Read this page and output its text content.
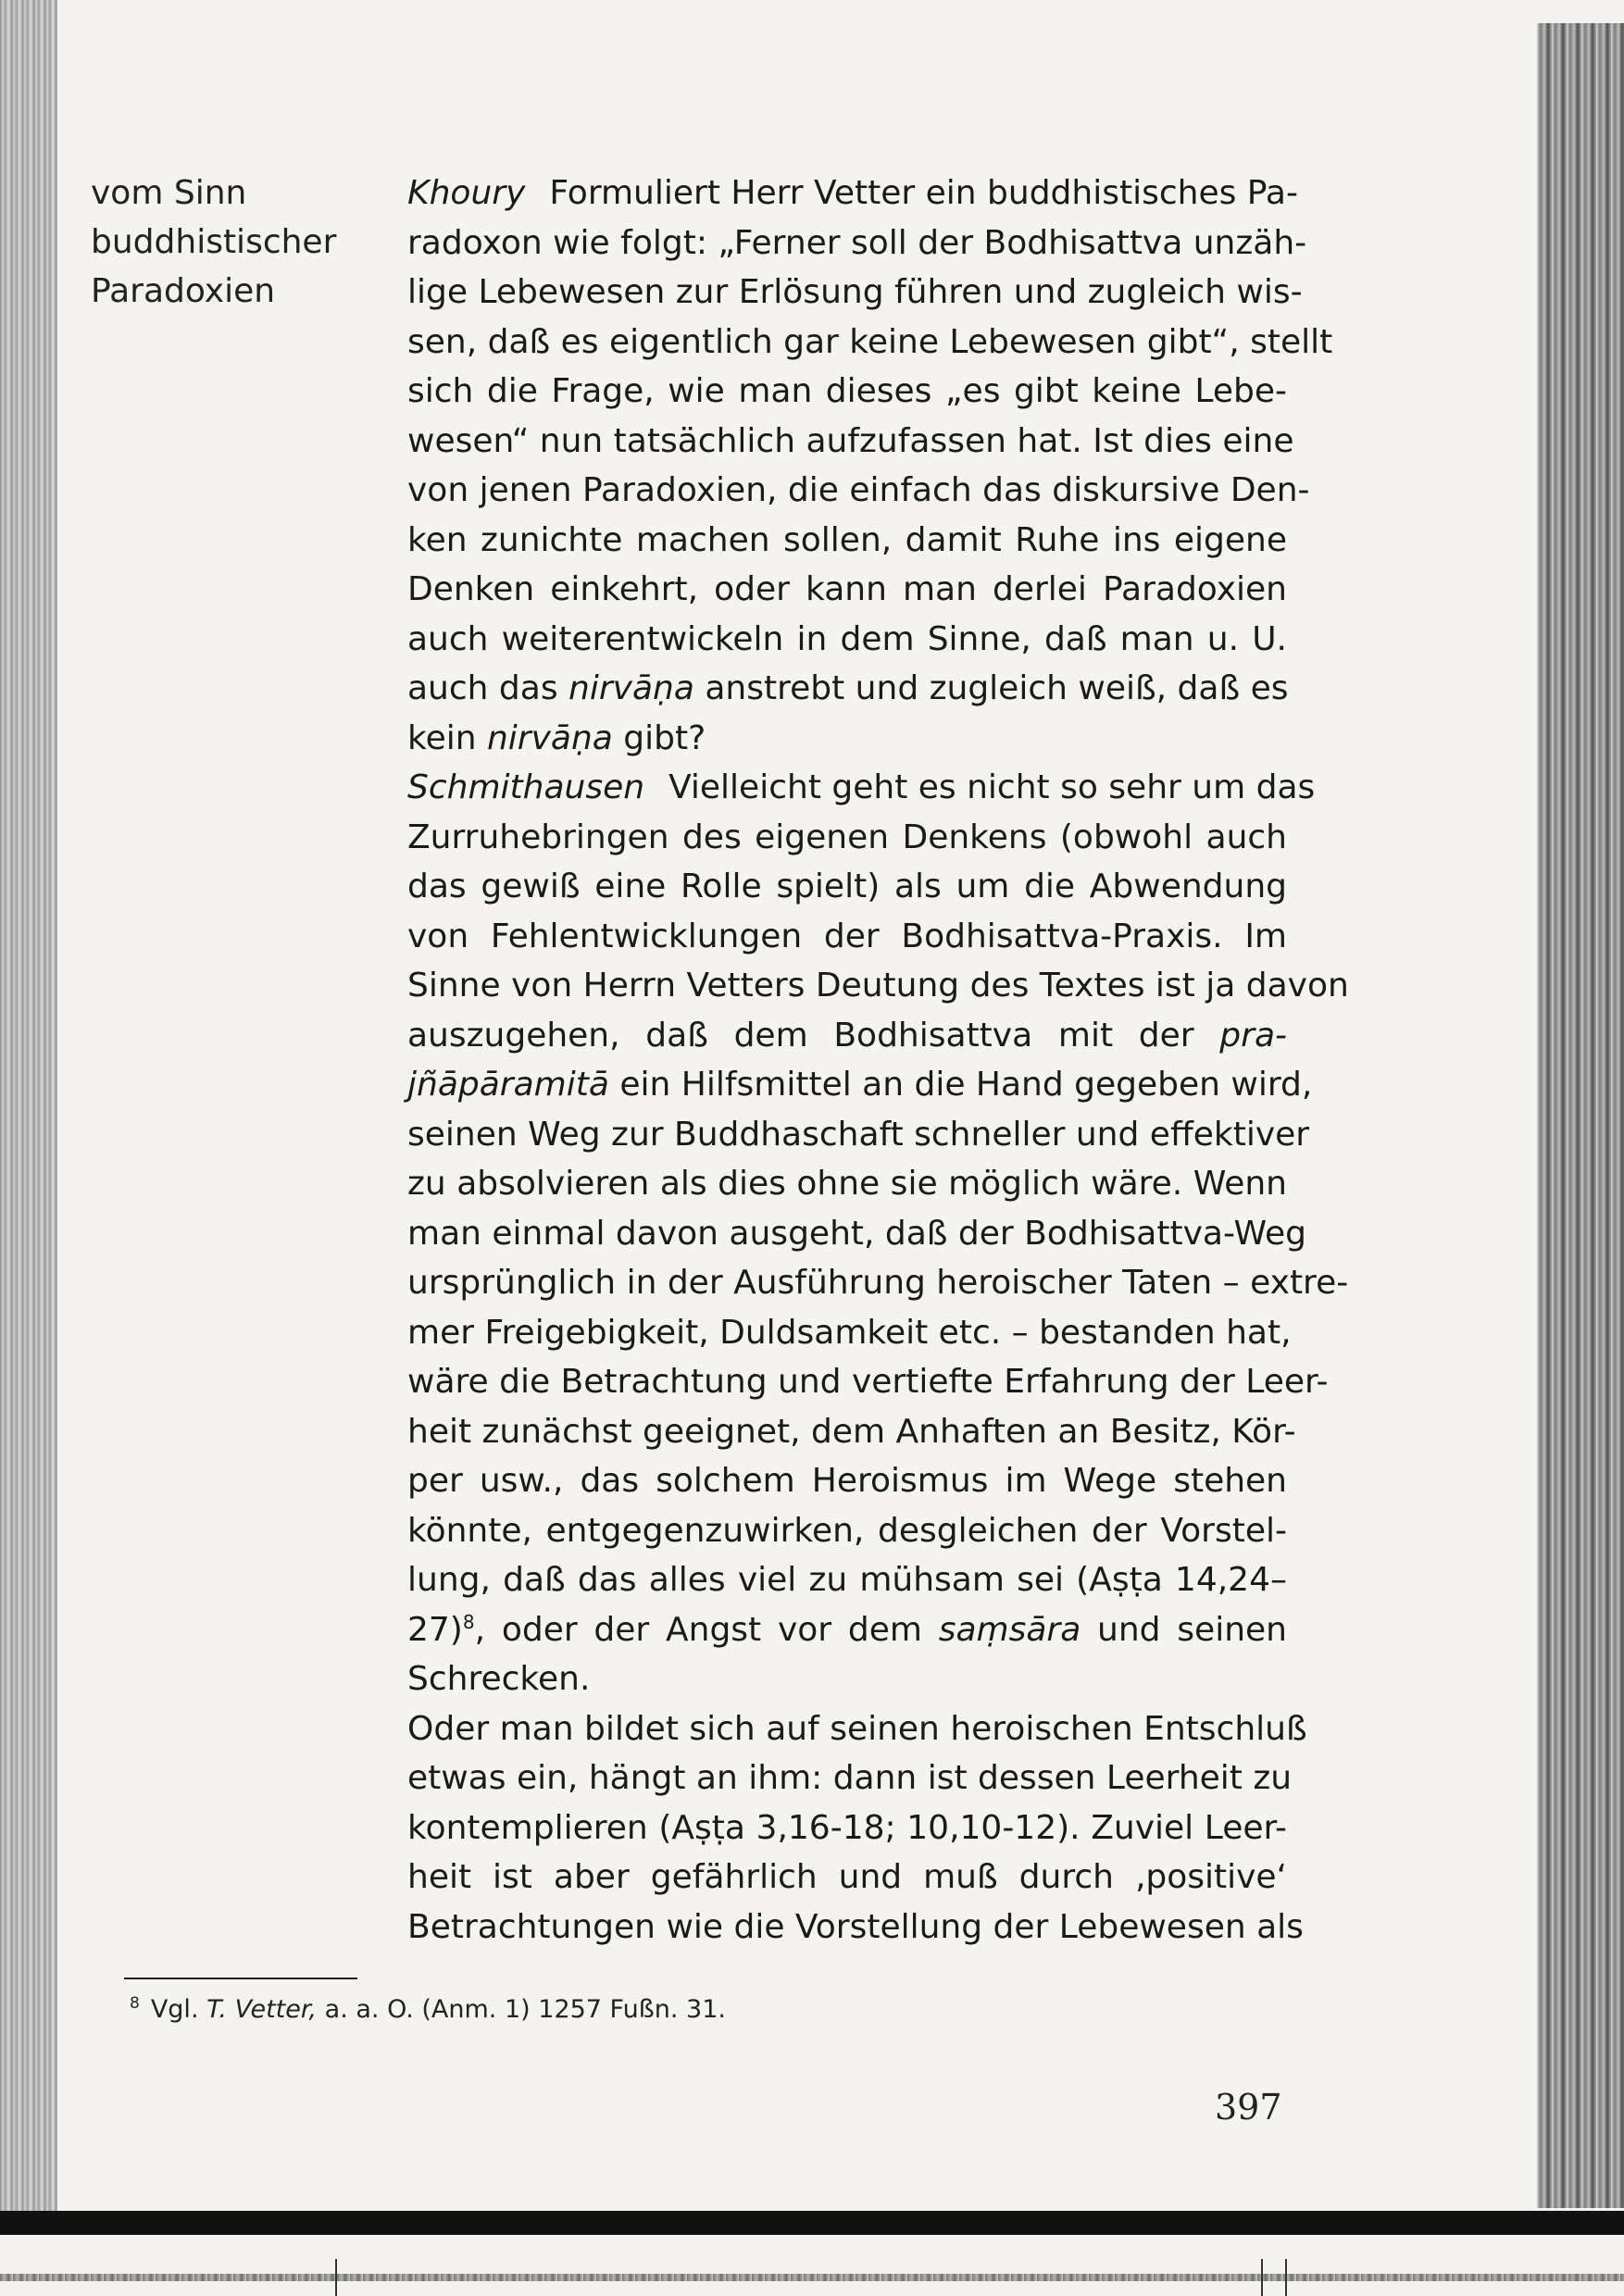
vom Sinn
buddhistischer
Paradoxien
Khoury Formuliert Herr Vetter ein buddhistisches Pa-
radoxon wie folgt: „Ferner soll der Bodhisattva unzäh-
lige Lebewesen zur Erlösung führen und zugleich wis-
sen, daß es eigentlich gar keine Lebewesen gibt“, stellt
sich die Frage, wie man dieses „es gibt keine Lebe-
wesen“ nun tatsächlich aufzufassen hat. Ist dies eine
von jenen Paradoxien, die einfach das diskursive Den-
ken zunichte machen sollen, damit Ruhe ins eigene
Denken einkehrt, oder kann man derlei Paradoxien
auch weiterentwickeln in dem Sinne, daß man u. U.
auch das nirvāṇa anstrebt und zugleich weiß, daß es
kein nirvāṇa gibt?
Schmithausen Vielleicht geht es nicht so sehr um das
Zurruhebringen des eigenen Denkens (obwohl auch
das gewiß eine Rolle spielt) als um die Abwendung
von Fehlentwicklungen der Bodhisattva-Praxis. Im
Sinne von Herrn Vetters Deutung des Textes ist ja davon
auszugehen, daß dem Bodhisattva mit der pra-
jñāpāramitā ein Hilfsmittel an die Hand gegeben wird,
seinen Weg zur Buddhaschaft schneller und effektiver
zu absolvieren als dies ohne sie möglich wäre. Wenn
man einmal davon ausgeht, daß der Bodhisattva-Weg
ursprünglich in der Ausführung heroischer Taten – extre-
mer Freigebigkeit, Duldsamkeit etc. – bestanden hat,
wäre die Betrachtung und vertiefte Erfahrung der Leer-
heit zunächst geeignet, dem Anhaften an Besitz, Kör-
per usw., das solchem Heroismus im Wege stehen
könnte, entgegenzuwirken, desgleichen der Vorstel-
lung, daß das alles viel zu mühsam sei (Aṣṭa 14,24–
27)$^8$, oder der Angst vor dem saṃsāra und seinen
Schrecken.
Oder man bildet sich auf seinen heroischen Entschluß
etwas ein, hängt an ihm: dann ist dessen Leerheit zu
kontemplieren (Aṣṭa 3,16-18; 10,10-12). Zuviel Leer-
heit ist aber gefährlich und muß durch ‚positive‘
Betrachtungen wie die Vorstellung der Lebewesen als
$^8$ Vgl. T. Vetter, a. a. O. (Anm. 1) 1257 Fußn. 31.
397
